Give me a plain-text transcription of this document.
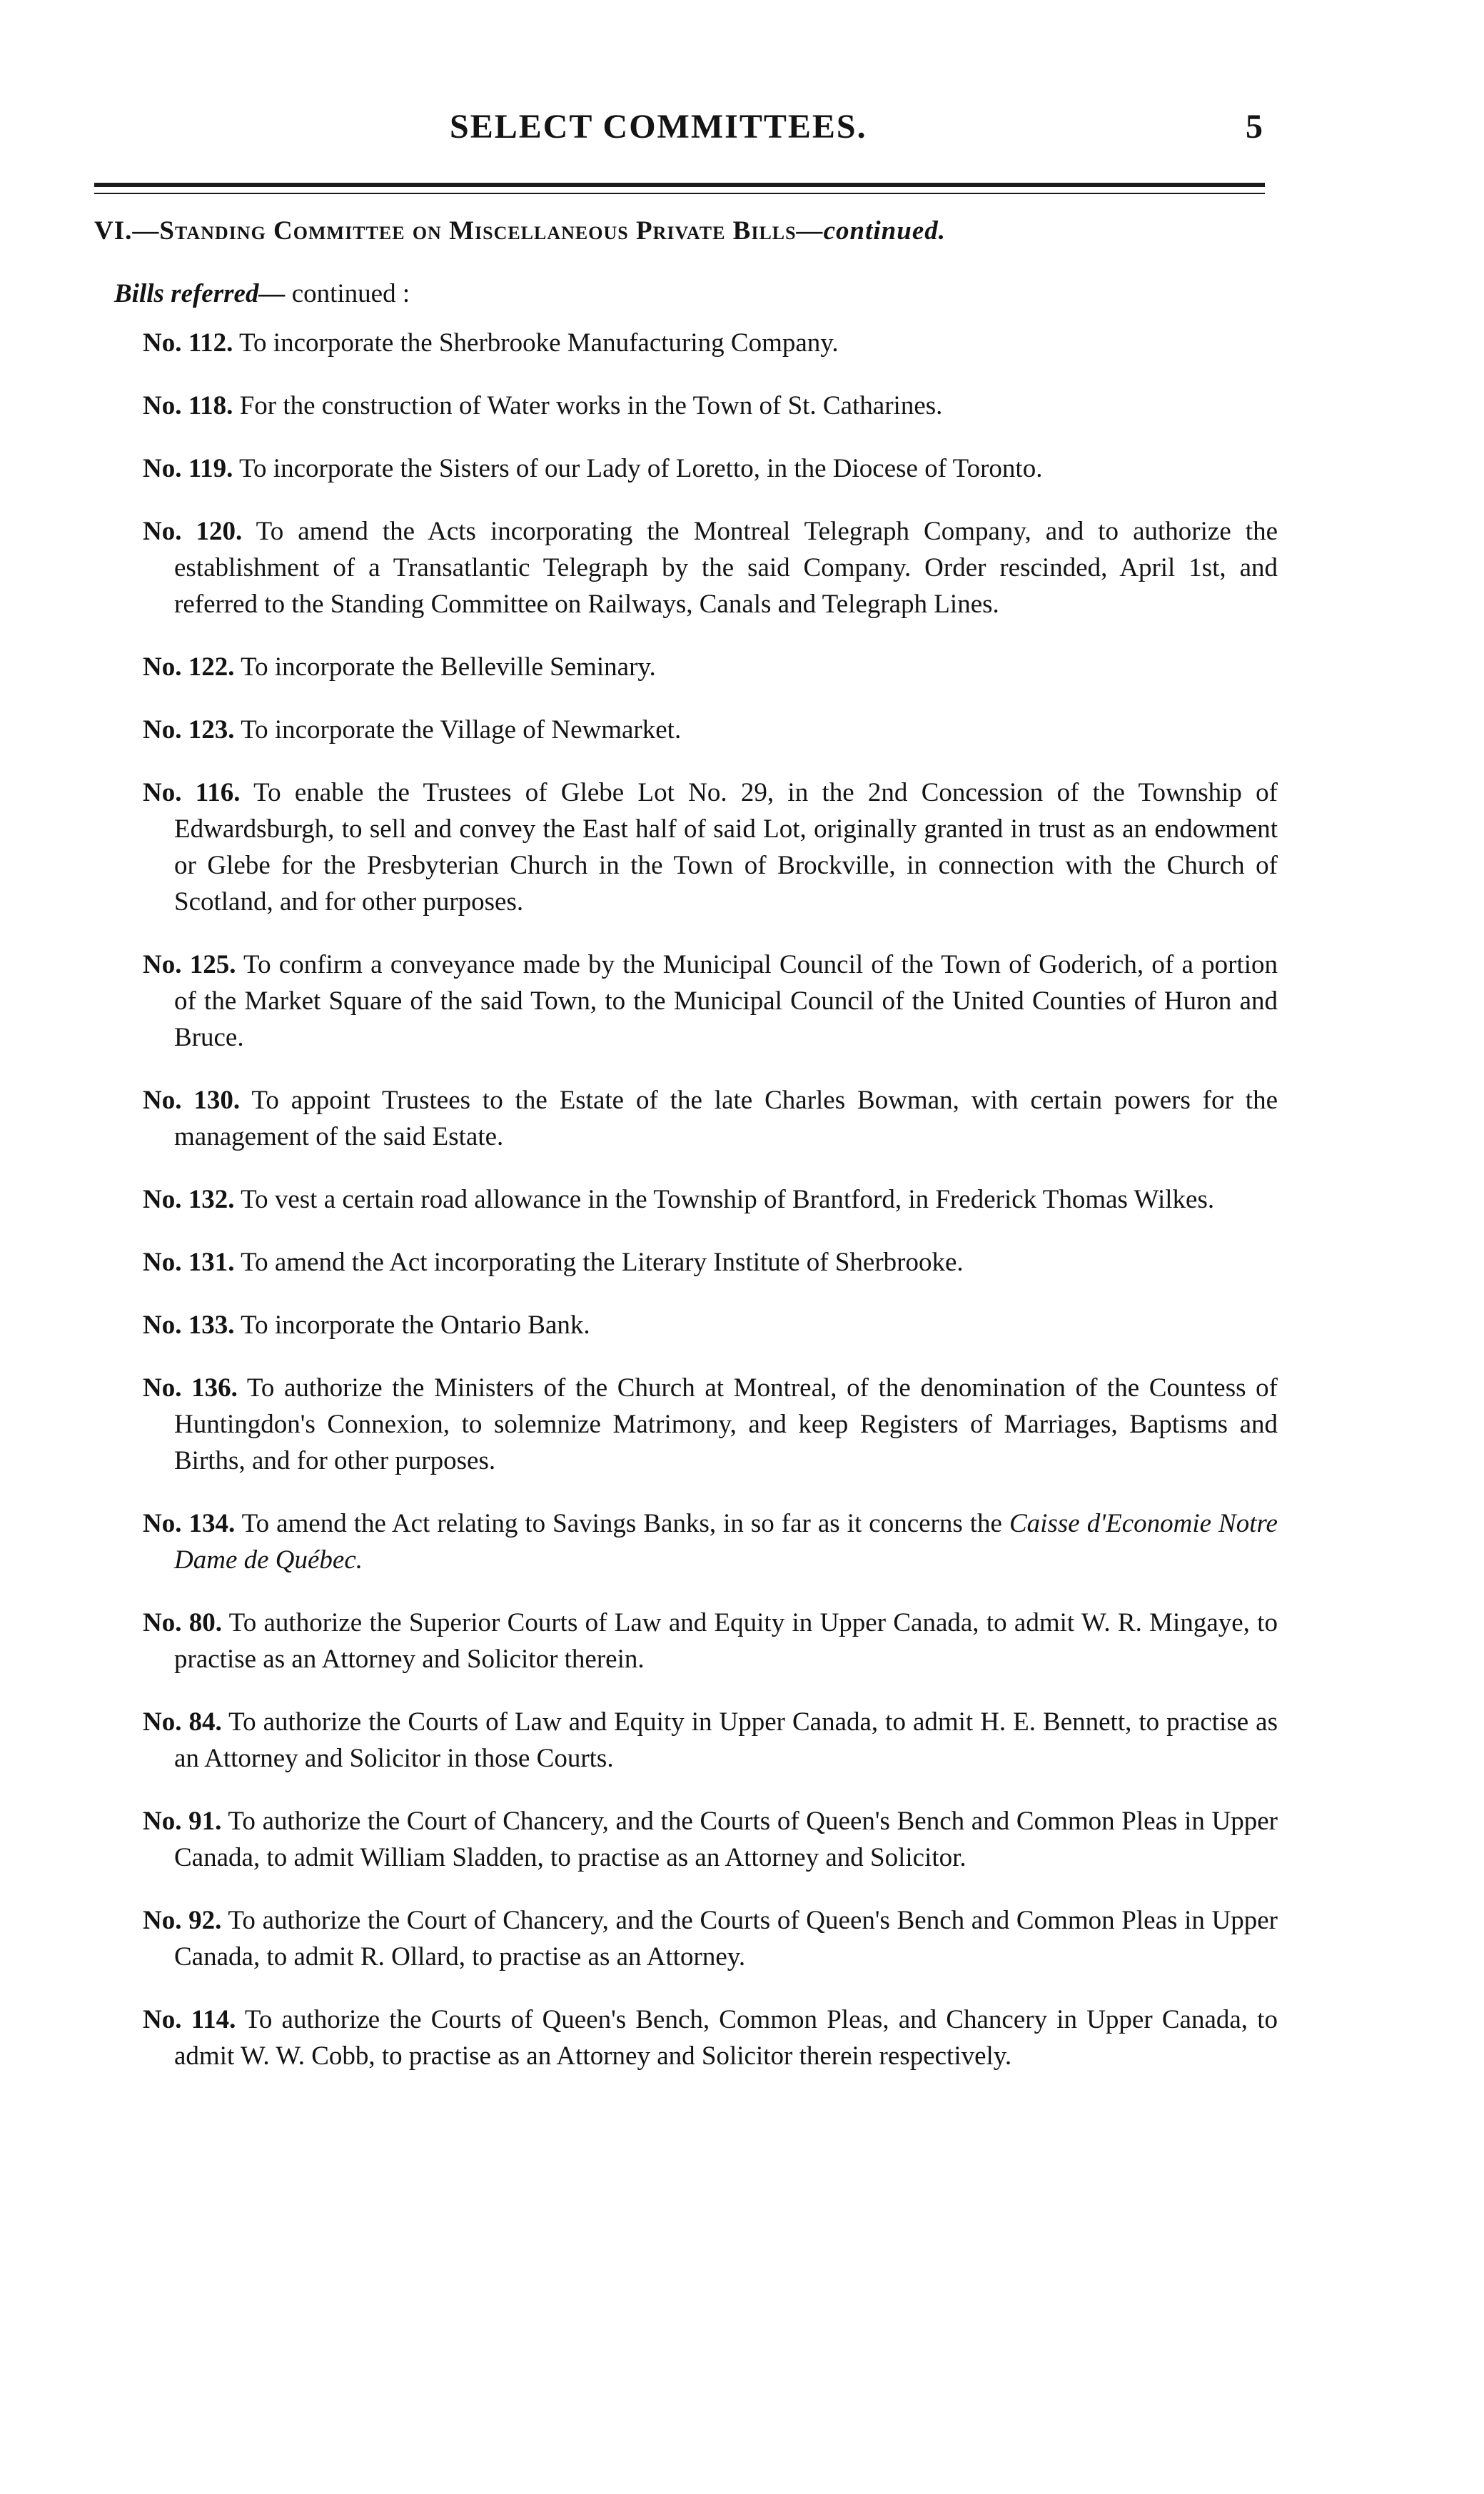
SELECT COMMITTEES.	5
VI.—Standing Committee on Miscellaneous Private Bills—continued.
Bills referred— continued :
No. 112. To incorporate the Sherbrooke Manufacturing Company.
No. 118. For the construction of Water works in the Town of St. Catharines.
No. 119. To incorporate the Sisters of our Lady of Loretto, in the Diocese of Toronto.
No. 120. To amend the Acts incorporating the Montreal Telegraph Company, and to authorize the establishment of a Transatlantic Telegraph by the said Company. Order rescinded, April 1st, and referred to the Standing Committee on Railways, Canals and Telegraph Lines.
No. 122. To incorporate the Belleville Seminary.
No. 123. To incorporate the Village of Newmarket.
No. 116. To enable the Trustees of Glebe Lot No. 29, in the 2nd Concession of the Township of Edwardsburgh, to sell and convey the East half of said Lot, originally granted in trust as an endowment or Glebe for the Presbyterian Church in the Town of Brockville, in connection with the Church of Scotland, and for other purposes.
No. 125. To confirm a conveyance made by the Municipal Council of the Town of Goderich, of a portion of the Market Square of the said Town, to the Municipal Council of the United Counties of Huron and Bruce.
No. 130. To appoint Trustees to the Estate of the late Charles Bowman, with certain powers for the management of the said Estate.
No. 132. To vest a certain road allowance in the Township of Brantford, in Frederick Thomas Wilkes.
No. 131. To amend the Act incorporating the Literary Institute of Sherbrooke.
No. 133. To incorporate the Ontario Bank.
No. 136. To authorize the Ministers of the Church at Montreal, of the denomination of the Countess of Huntingdon's Connexion, to solemnize Matrimony, and keep Registers of Marriages, Baptisms and Births, and for other purposes.
No. 134. To amend the Act relating to Savings Banks, in so far as it concerns the Caisse d'Economie Notre Dame de Québec.
No. 80. To authorize the Superior Courts of Law and Equity in Upper Canada, to admit W. R. Mingaye, to practise as an Attorney and Solicitor therein.
No. 84. To authorize the Courts of Law and Equity in Upper Canada, to admit H. E. Bennett, to practise as an Attorney and Solicitor in those Courts.
No. 91. To authorize the Court of Chancery, and the Courts of Queen's Bench and Common Pleas in Upper Canada, to admit William Sladden, to practise as an Attorney and Solicitor.
No. 92. To authorize the Court of Chancery, and the Courts of Queen's Bench and Common Pleas in Upper Canada, to admit R. Ollard, to practise as an Attorney.
No. 114. To authorize the Courts of Queen's Bench, Common Pleas, and Chancery in Upper Canada, to admit W. W. Cobb, to practise as an Attorney and Solicitor therein respectively.
